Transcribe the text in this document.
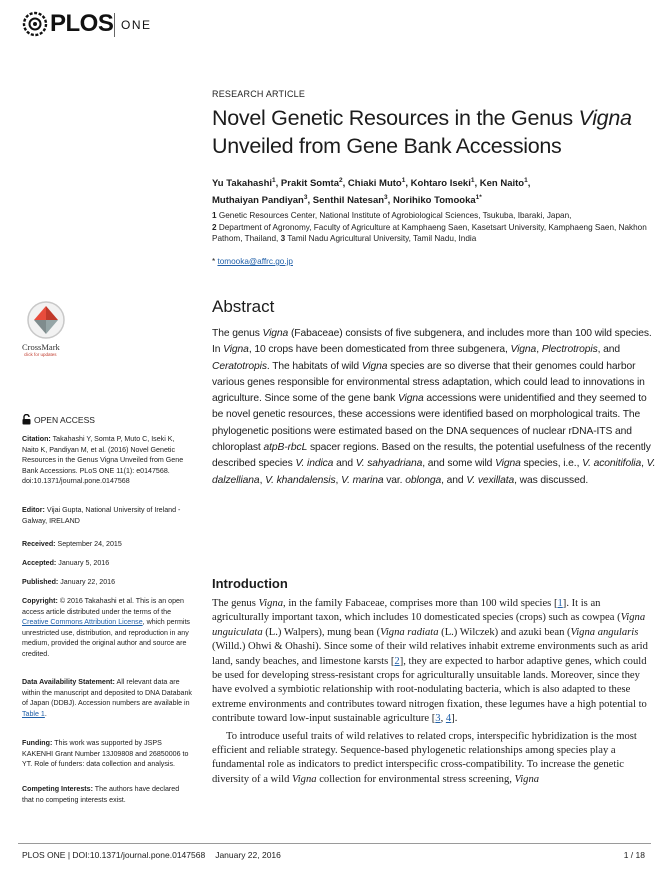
PLOS ONE
RESEARCH ARTICLE
Novel Genetic Resources in the Genus Vigna
Unveiled from Gene Bank Accessions
Yu Takahashi$^1$, Prakit Somta$^2$, Chiaki Muto$^1$, Kohtaro Iseki$^1$, Ken Naito$^1$,
Muthaiyan Pandiyan$^3$, Senthil Natesan$^3$, Norihiko Tomooka$^{1*}$
1 Genetic Resources Center, National Institute of Agrobiological Sciences, Tsukuba, Ibaraki, Japan,
2 Department of Agronomy, Faculty of Agriculture at Kamphaeng Saen, Kasetsart University, Kamphaeng Saen, Nakhon Pathom, Thailand, 3 Tamil Nadu Agricultural University, Tamil Nadu, India
* tomooka@affrc.go.jp
Abstract
The genus Vigna (Fabaceae) consists of five subgenera, and includes more than 100 wild species. In Vigna, 10 crops have been domesticated from three subgenera, Vigna, Plectrotropis, and Ceratotropis. The habitats of wild Vigna species are so diverse that their genomes could harbor various genes responsible for environmental stress adaptation, which could lead to innovations in agriculture. Since some of the gene bank Vigna accessions were unidentified and they seemed to be novel genetic resources, these accessions were identified based on morphological traits. The phylogenetic positions were estimated based on the DNA sequences of nuclear rDNA-ITS and chloroplast atpB-rbcL spacer regions. Based on the results, the potential usefulness of the recently described species V. indica and V. sahyadriana, and some wild Vigna species, i.e., V. aconitifolia, V. dalzelliana, V. khandalensis, V. marina var. oblonga, and V. vexillata, was discussed.
Introduction

The genus Vigna, in the family Fabaceae, comprises more than 100 wild species [1]. It is an agriculturally important taxon, which includes 10 domesticated species (crops) such as cowpea (Vigna unguiculata (L.) Walpers), mung bean (Vigna radiata (L.) Wilczek) and azuki bean (Vigna angularis (Willd.) Ohwi & Ohashi). Since some of their wild relatives inhabit extreme environments such as arid land, sandy beaches, and limestone karsts [2], they are expected to harbor adaptive genes, which could be used for developing stress-resistant crops for agriculturally unsuitable lands. Moreover, since they have evolved a symbiotic relationship with root-nodulating bacteria, which is also adapted to these extreme environments and contributes toward nitrogen fixation, these legumes have a high potential to contribute toward low-input sustainable agriculture [3, 4].

To introduce useful traits of wild relatives to related crops, interspecific hybridization is the most efficient and reliable strategy. Sequence-based phylogenetic relationships among species play a fundamental role as indicators to predict interspecific cross-compatibility. To increase the genetic diversity of a wild Vigna collection for environmental stress screening, Vigna

CrossMark
click for updates
OPEN ACCESS
Citation: Takahashi Y, Somta P, Muto C, Iseki K, Naito K, Pandiyan M, et al. (2016) Novel Genetic Resources in the Genus Vigna Unveiled from Gene Bank Accessions. PLoS ONE 11(1): e0147568. doi:10.1371/journal.pone.0147568
Editor: Vijai Gupta, National University of Ireland - Galway, IRELAND
Received: September 24, 2015
Accepted: January 5, 2016
Published: January 22, 2016
Copyright: © 2016 Takahashi et al. This is an open access article distributed under the terms of the Creative Commons Attribution License, which permits unrestricted use, distribution, and reproduction in any medium, provided the original author and source are credited.
Data Availability Statement: All relevant data are within the manuscript and deposited to DNA Databank of Japan (DDBJ). Accession numbers are available in Table 1.
Funding: This work was supported by JSPS KAKENHI Grant Number 13J09808 and 26850006 to YT. Role of funders: data collection and analysis.
Competing Interests: The authors have declared that no competing interests exist.
PLOS ONE | DOI:10.1371/journal.pone.0147568 January 22, 2016	1 / 18
